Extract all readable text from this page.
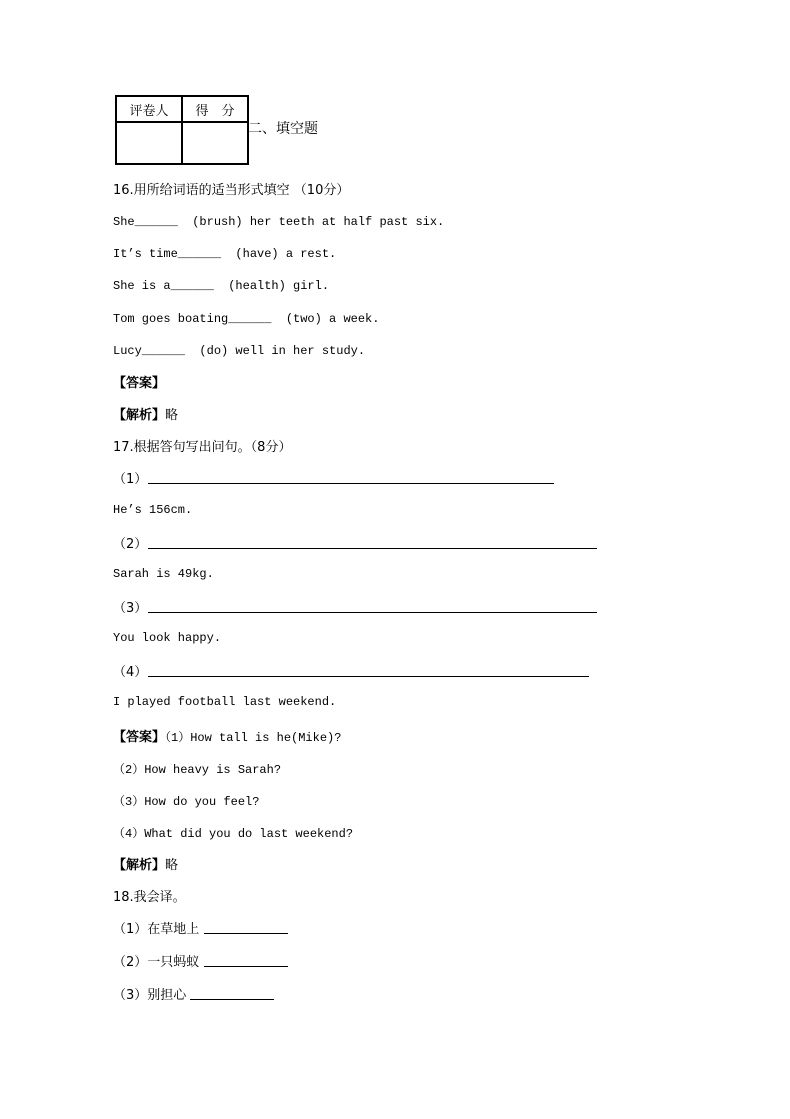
评卷人	得　分

二、填空题
16.用所给词语的适当形式填空 （10分）
She______  (brush) her teeth at half past six.
It’s time______  (have) a rest.
She is a______  (health) girl.
Tom goes boating______  (two) a week.
Lucy______  (do) well in her study.
【答案】
【解析】略
17.根据答句写出问句。（8分）
（1）
He’s 156cm.
（2）
Sarah is 49kg.
（3）
You look happy.
（4）
I played football last weekend.
【答案】（1）How tall is he(Mike)?
（2）How heavy is Sarah?
（3）How do you feel?
（4）What did you do last weekend?
【解析】略
18.我会译。
（1）在草地上
（2）一只蚂蚁
（3）别担心
